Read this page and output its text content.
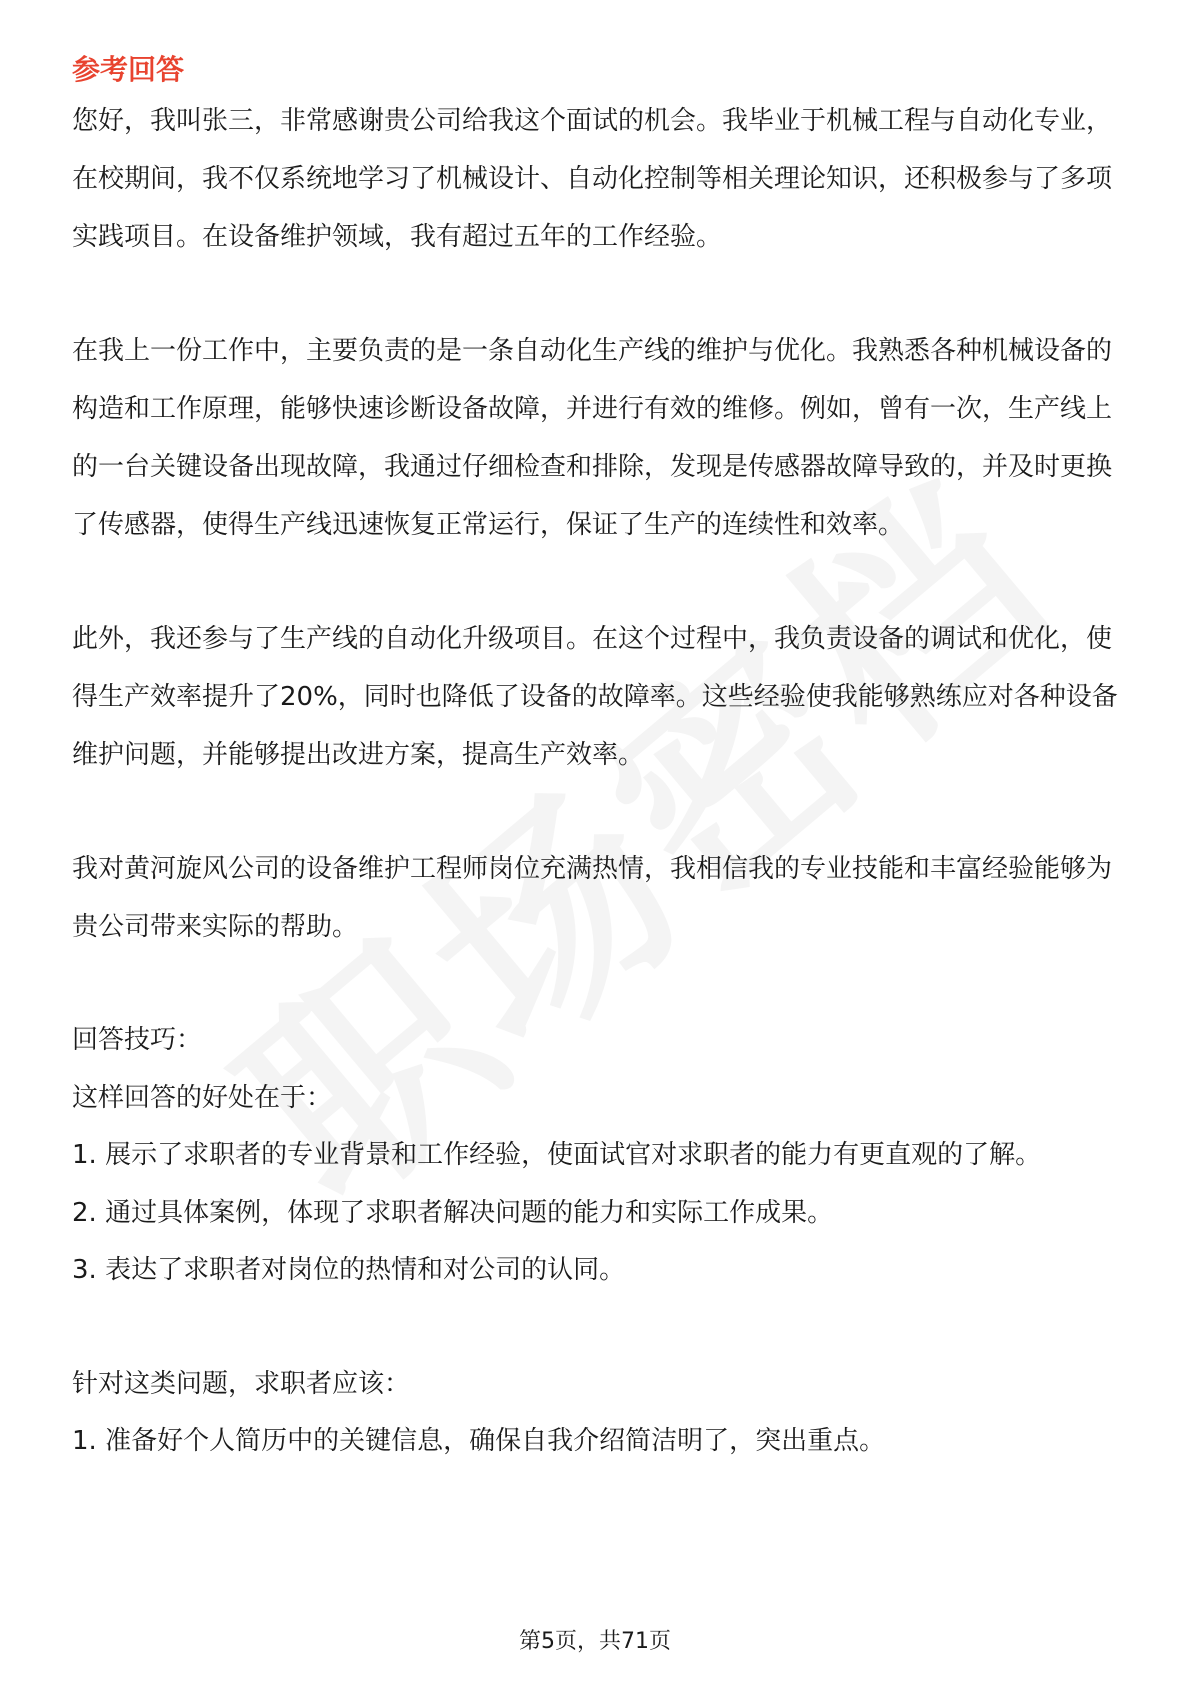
参考回答

您好，我叫张三，非常感谢贵公司给我这个面试的机会。我毕业于机械工程与自动化专业，在校期间，我不仅系统地学习了机械设计、自动化控制等相关理论知识，还积极参与了多项实践项目。在设备维护领域，我有超过五年的工作经验。

在我上一份工作中，主要负责的是一条自动化生产线的维护与优化。我熟悉各种机械设备的构造和工作原理，能够快速诊断设备故障，并进行有效的维修。例如，曾有一次，生产线上的一台关键设备出现故障，我通过仔细检查和排除，发现是传感器故障导致的，并及时更换了传感器，使得生产线迅速恢复正常运行，保证了生产的连续性和效率。

此外，我还参与了生产线的自动化升级项目。在这个过程中，我负责设备的调试和优化，使得生产效率提升了20%，同时也降低了设备的故障率。这些经验使我能够熟练应对各种设备维护问题，并能够提出改进方案，提高生产效率。

我对黄河旋风公司的设备维护工程师岗位充满热情，我相信我的专业技能和丰富经验能够为贵公司带来实际的帮助。

回答技巧：

这样回答的好处在于：

1. 展示了求职者的专业背景和工作经验，使面试官对求职者的能力有更直观的了解。

2. 通过具体案例，体现了求职者解决问题的能力和实际工作成果。

3. 表达了求职者对岗位的热情和对公司的认同。

针对这类问题，求职者应该：

1. 准备好个人简历中的关键信息，确保自我介绍简洁明了，突出重点。

第5页，共71页
